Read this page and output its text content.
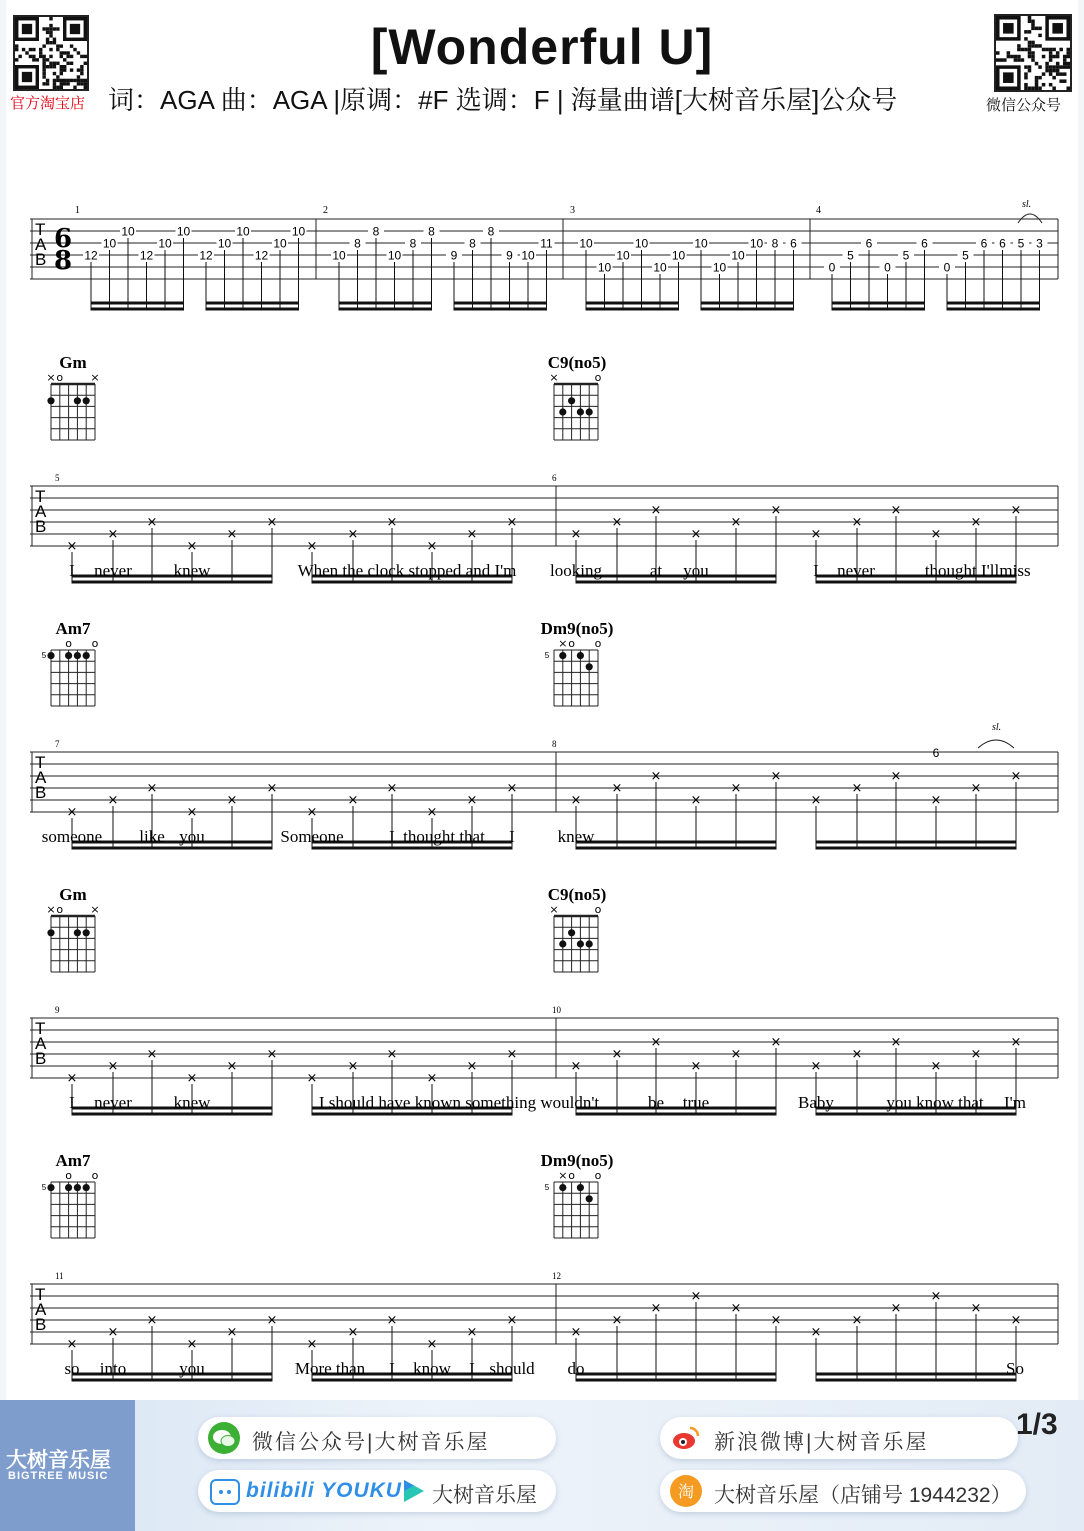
官方淘宝店	微信公众号
[Wonderful U]
词：AGA 曲：AGA |原调：#F 选调：F | 海量曲谱[大树音乐屋]公众号
T
A
B
6
8
1
12
10
10
12
10
10
12
10
10
12
10
10
2
10
8
8
10
8
8
9
8
8
9 10
11
3
10
10
10
10
10
10
10
10
10
10 8 6
4
0
5
6
0
5
6
0
5
6 6 5 3
sl.
T
A
B
Gm
× o ×
C9(no5)
×	o
5	6
×
×
×
×
×
×
×
×
×
×
×
×
×
×
×
×
×
×
×
×
×
×
×
×
I never knew	When the clock stopped and I'm looking	at you	I never	thought I'll miss
T
A
B
Am7
o o
5
Dm9(no5)
× o o
5
7	8
×
×
×
×
×
×
×
×
×
×
×
×
×
×
×
×
×
×
×
×
×
×
×
×
6
sl.
someone like you	Someone	I thought that I	knew
T
A
B
Gm
× o ×
C9(no5)
×	o
9	10
×
×
×
×
×
×
×
×
×
×
×
×
×
×
×
×
×
×
×
×
×
×
×
×
I never knew	I should have known something wouldn't	be true	Baby	you know that I'm
T
A
B
Am7
o o
5
Dm9(no5)
× o o
5
11	12
×
×
×
×
×
×
×
×
×
×
×
×
×
×
×
×
×
×
×
×
×
×
×
×
so into	you	More than I know I should do	So
大树音乐屋
BIGTREE MUSIC
微信公众号|大树音乐屋	新浪微博|大树音乐屋
bilibili YOUKU 大树音乐屋	淘 大树音乐屋（店铺号 1944232）
1/3
